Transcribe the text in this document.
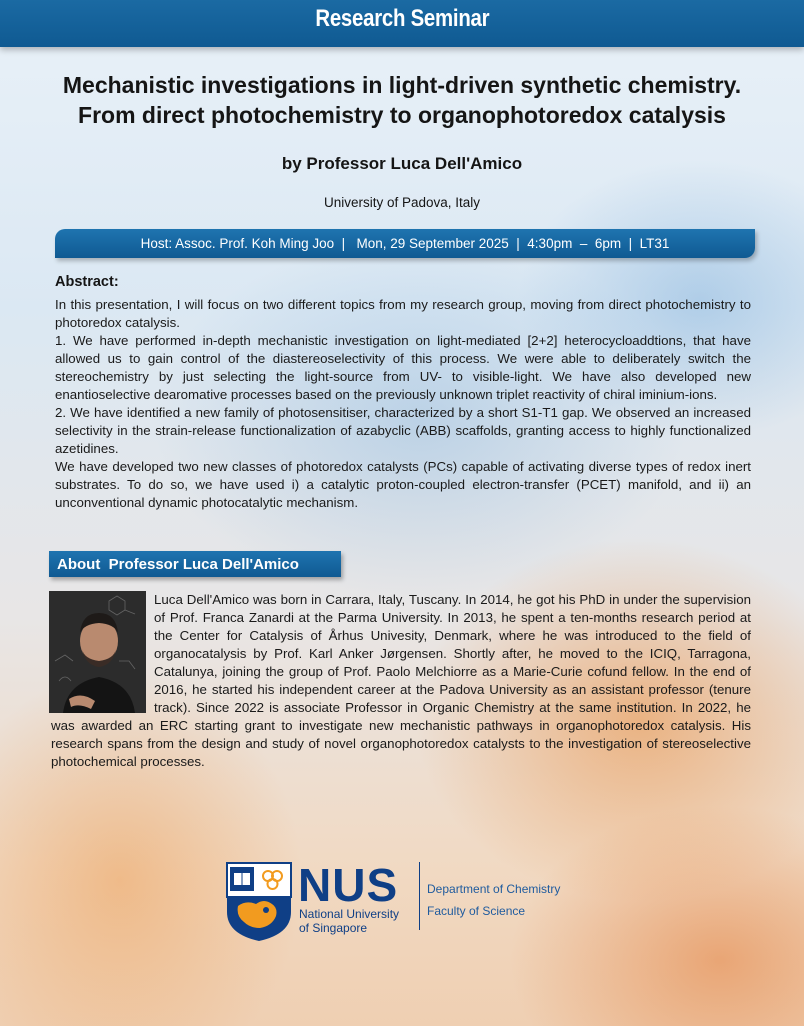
Research Seminar
Mechanistic investigations in light-driven synthetic chemistry.
From direct photochemistry to organophotoredox catalysis
by Professor Luca Dell'Amico
University of Padova, Italy
Host: Assoc. Prof. Koh Ming Joo  |   Mon, 29 September 2025  |  4:30pm  –  6pm  |  LT31
Abstract:

In this presentation, I will focus on two different topics from my research group, moving from direct photochemistry to photoredox catalysis.

1. We have performed in-depth mechanistic investigation on light-mediated [2+2] heterocycloaddtions, that have allowed us to gain control of the diastereoselectivity of this process. We were able to deliberately switch the stereochemistry by just selecting the light-source from UV- to visible-light. We have also developed new enantioselective dearomative processes based on the previously unknown triplet reactivity of chiral iminium-ions.

2. We have identified a new family of photosensitiser, characterized by a short S1-T1 gap. We observed an increased selectivity in the strain-release functionalization of azabyclic (ABB) scaffolds, granting access to highly functionalized azetidines.

We have developed two new classes of photoredox catalysts (PCs) capable of activating diverse types of redox inert substrates. To do so, we have used i) a catalytic proton-coupled electron-transfer (PCET) manifold, and ii) an unconventional dynamic photocatalytic mechanism.

About  Professor Luca Dell'Amico
Luca Dell'Amico was born in Carrara, Italy, Tuscany. In 2014, he got his PhD in under the supervision of Prof. Franca Zanardi at the Parma University. In 2013, he spent a ten-months research period at the Center for Catalysis of Århus Univesity, Denmark, where he was introduced to the field of organocatalysis by Prof. Karl Anker Jørgensen. Shortly after, he moved to the ICIQ, Tarragona, Catalunya, joining the group of Prof. Paolo Melchiorre as a Marie-Curie cofund fellow. In the end of 2016, he started his independent career at the Padova University as an assistant professor (tenure track). Since 2022 is associate Professor in Organic Chemistry at the same institution. In 2022, he was awarded an ERC starting grant to investigate new mechanistic pathways in organophotoredox catalysis. His research spans from the design and study of novel organophotoredox catalysts to the investigation of stereoselective photochemical processes.
NUS
National University
of Singapore
Department of Chemistry
Faculty of Science
